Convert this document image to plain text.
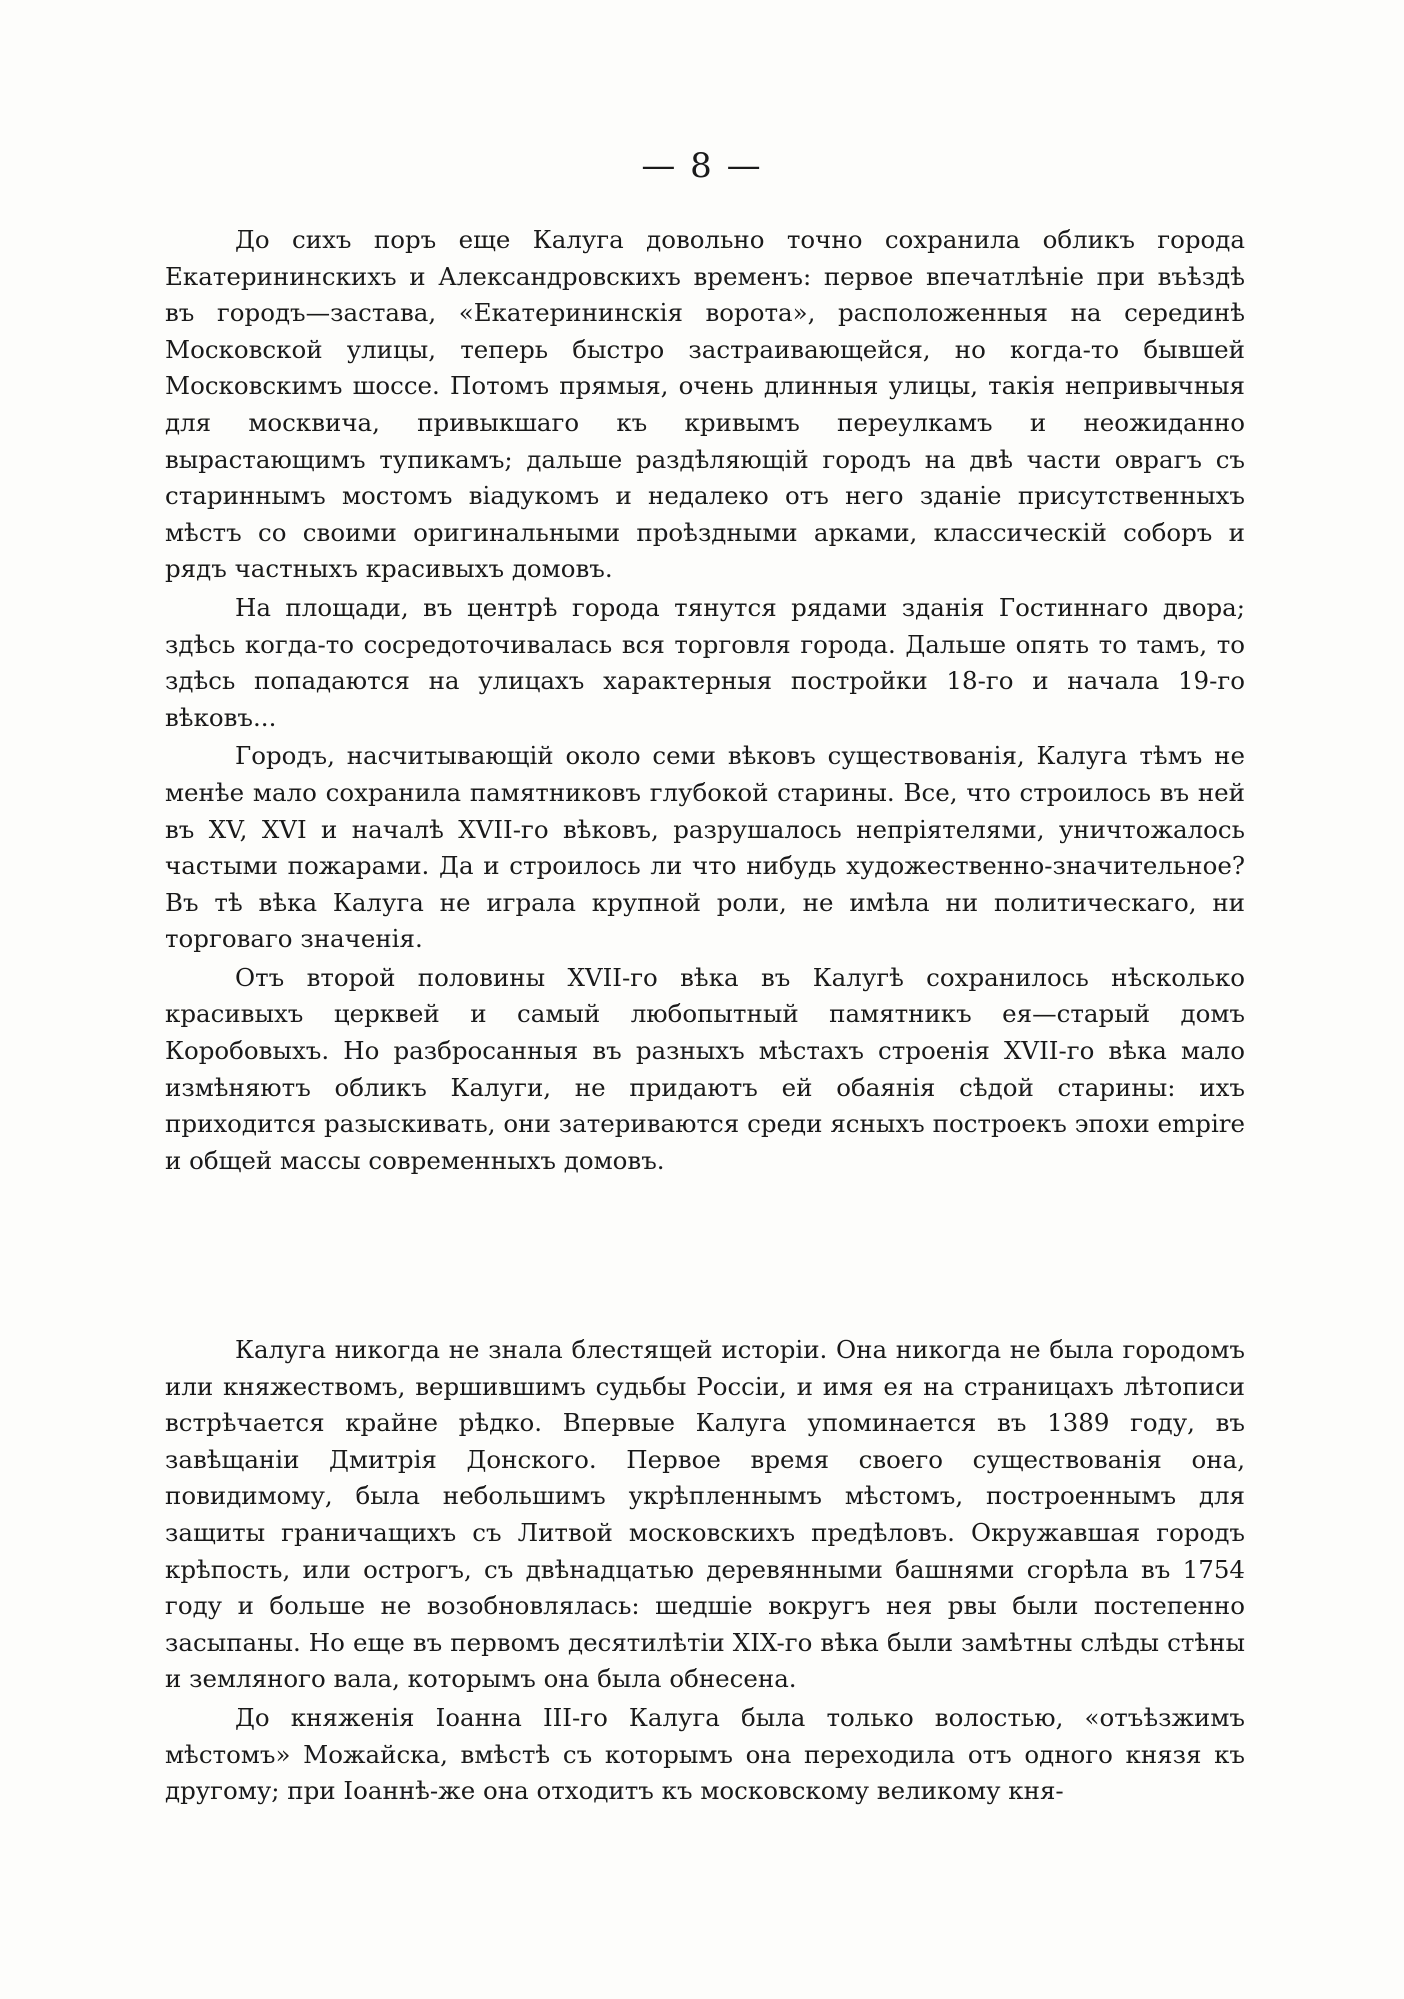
— 8 —

До сихъ поръ еще Калуга довольно точно сохранила обликъ города Екатерининскихъ и Александровскихъ временъ: первое впечатлѣніе при въѣздѣ въ городъ—застава, «Екатерининскія ворота», расположенныя на серединѣ Московской улицы, теперь быстро застраивающейся, но когда-то бывшей Московскимъ шоссе. Потомъ прямыя, очень длинныя улицы, такія непривычныя для москвича, привыкшаго къ кривымъ переулкамъ и неожиданно вырастающимъ тупикамъ; дальше раздѣляющій городъ на двѣ части оврагъ съ стариннымъ мостомъ віадукомъ и недалеко отъ него зданіе присутственныхъ мѣстъ со своими оригинальными проѣздными арками, классическій соборъ и рядъ частныхъ красивыхъ домовъ.

На площади, въ центрѣ города тянутся рядами зданія Гостиннаго двора; здѣсь когда-то сосредоточивалась вся торговля города. Дальше опять то тамъ, то здѣсь попадаются на улицахъ характерныя постройки 18-го и начала 19-го вѣковъ...

Городъ, насчитывающій около семи вѣковъ существованія, Калуга тѣмъ не менѣе мало сохранила памятниковъ глубокой старины. Все, что строилось въ ней въ XV, XVI и началѣ XVII-го вѣковъ, разрушалось непріятелями, уничтожалось частыми пожарами. Да и строилось ли что нибудь художественно-значительное? Въ тѣ вѣка Калуга не играла крупной роли, не имѣла ни политическаго, ни торговаго значенія.

Отъ второй половины XVII-го вѣка въ Калугѣ сохранилось нѣсколько красивыхъ церквей и самый любопытный памятникъ ея—старый домъ Коробовыхъ. Но разбросанныя въ разныхъ мѣстахъ строенія XVII-го вѣка мало измѣняютъ обликъ Калуги, не придаютъ ей обаянія сѣдой старины: ихъ приходится разыскивать, они затериваются среди ясныхъ построекъ эпохи empire и общей массы современныхъ домовъ.

Калуга никогда не знала блестящей исторіи. Она никогда не была городомъ или княжествомъ, вершившимъ судьбы Россіи, и имя ея на страницахъ лѣтописи встрѣчается крайне рѣдко. Впервые Калуга упоминается въ 1389 году, въ завѣщаніи Дмитрія Донского. Первое время своего существованія она, повидимому, была небольшимъ укрѣпленнымъ мѣстомъ, построеннымъ для защиты граничащихъ съ Литвой московскихъ предѣловъ. Окружавшая городъ крѣпость, или острогъ, съ двѣнадцатью деревянными башнями сгорѣла въ 1754 году и больше не возобновлялась: шедшіе вокругъ нея рвы были постепенно засыпаны. Но еще въ первомъ десятилѣтіи XIX-го вѣка были замѣтны слѣды стѣны и земляного вала, которымъ она была обнесена.

До княженія Іоанна III-го Калуга была только волостью, «отъѣзжимъ мѣстомъ» Можайска, вмѣстѣ съ которымъ она переходила отъ одного князя къ другому; при Іоаннѣ-же она отходитъ къ московскому великому кня-
